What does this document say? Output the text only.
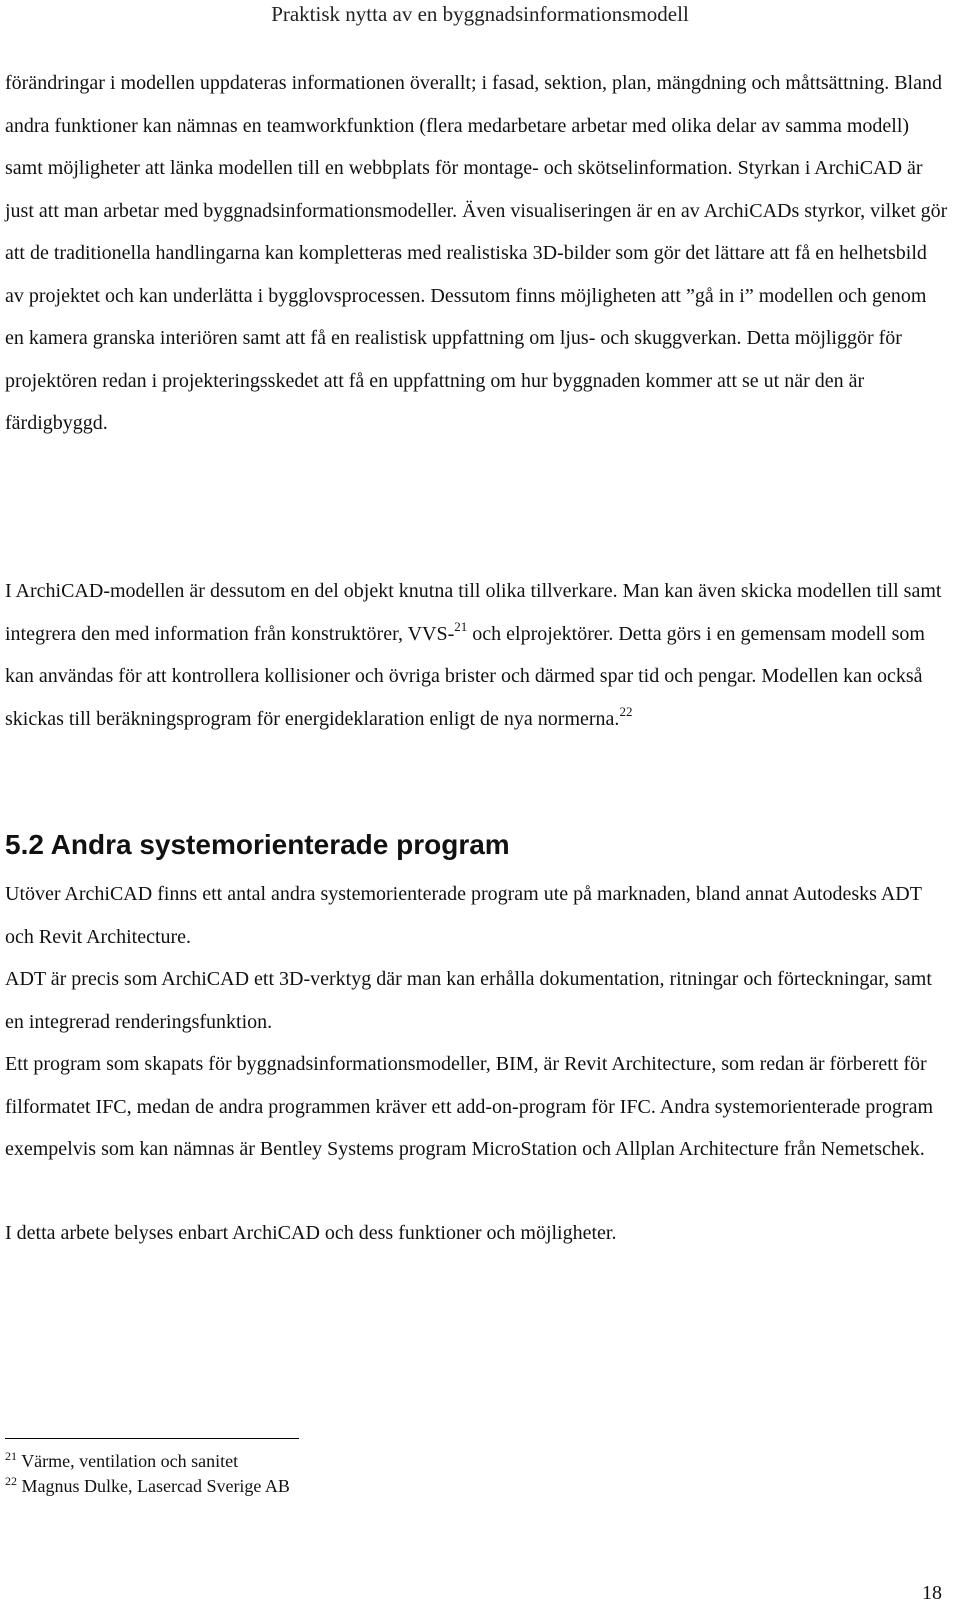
Praktisk nytta av en byggnadsinformationsmodell

förändringar i modellen uppdateras informationen överallt; i fasad, sektion, plan, mängdning och måttsättning. Bland andra funktioner kan nämnas en teamworkfunktion (flera medarbetare arbetar med olika delar av samma modell) samt möjligheter att länka modellen till en webbplats för montage- och skötselinformation. Styrkan i ArchiCAD är just att man arbetar med byggnadsinformationsmodeller. Även visualiseringen är en av ArchiCADs styrkor, vilket gör att de traditionella handlingarna kan kompletteras med realistiska 3D-bilder som gör det lättare att få en helhetsbild av projektet och kan underlätta i bygglovsprocessen. Dessutom finns möjligheten att ”gå in i” modellen och genom en kamera granska interiören samt att få en realistisk uppfattning om ljus- och skuggverkan. Detta möjliggör för projektören redan i projekteringsskedet att få en uppfattning om hur byggnaden kommer att se ut när den är färdigbyggd.

I ArchiCAD-modellen är dessutom en del objekt knutna till olika tillverkare. Man kan även skicka modellen till samt integrera den med information från konstruktörer, VVS-$^{21}$ och elprojektörer. Detta görs i en gemensam modell som kan användas för att kontrollera kollisioner och övriga brister och därmed spar tid och pengar. Modellen kan också skickas till beräkningsprogram för energideklaration enligt de nya normerna.$^{22}$

5.2 Andra systemorienterade program

Utöver ArchiCAD finns ett antal andra systemorienterade program ute på marknaden, bland annat Autodesks ADT och Revit Architecture.

ADT är precis som ArchiCAD ett 3D-verktyg där man kan erhålla dokumentation, ritningar och förteckningar, samt en integrerad renderingsfunktion.

Ett program som skapats för byggnadsinformationsmodeller, BIM, är Revit Architecture, som redan är förberett för filformatet IFC, medan de andra programmen kräver ett add-on-program för IFC. Andra systemorienterade program exempelvis som kan nämnas är Bentley Systems program MicroStation och Allplan Architecture från Nemetschek.

I detta arbete belyses enbart ArchiCAD och dess funktioner och möjligheter.

$^{21}$ Värme, ventilation och sanitet
$^{22}$ Magnus Dulke, Lasercad Sverige AB
18
